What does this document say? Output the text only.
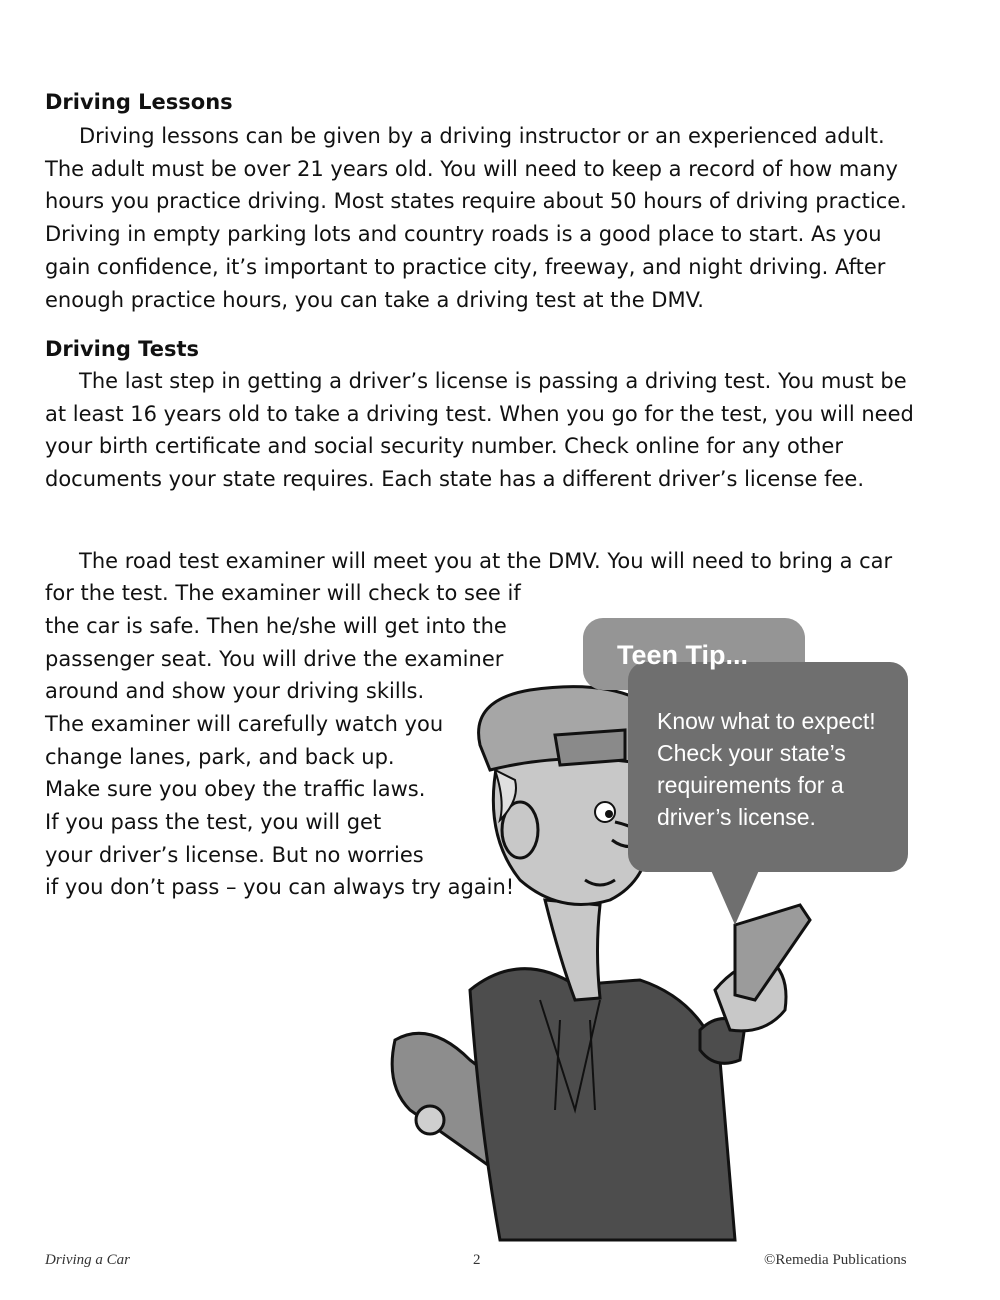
Driving Lessons

Driving lessons can be given by a driving instructor or an experienced adult. The adult must be over 21 years old. You will need to keep a record of how many hours you practice driving. Most states require about 50 hours of driving practice. Driving in empty parking lots and country roads is a good place to start. As you gain confidence, it’s important to practice city, freeway, and night driving. After enough practice hours, you can take a driving test at the DMV.

Driving Tests

The last step in getting a driver’s license is passing a driving test. You must be at least 16 years old to take a driving test. When you go for the test, you will need your birth certificate and social security number. Check online for any other documents your state requires. Each state has a different driver’s license fee.

The road test examiner will meet you at the DMV. You will need to bring a car
for the test. The examiner will check to see if
the car is safe. Then he/she will get into the
passenger seat. You will drive the examiner
around and show your driving skills.
The examiner will carefully watch you
change lanes, park, and back up.
Make sure you obey the traffic laws.
If you pass the test, you will get
your driver’s license. But no worries
if you don’t pass – you can always try again!
Teen Tip...

Know what to expect! Check your state’s requirements for a driver’s license.

Driving a Car	2	©Remedia Publications
